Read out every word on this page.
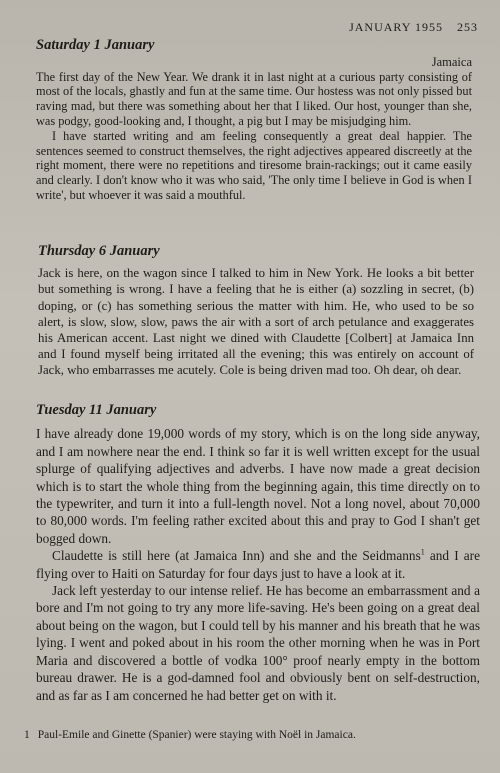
JANUARY 1955 253
Saturday 1 January
Jamaica

The first day of the New Year. We drank it in last night at a curious party consisting of most of the locals, ghastly and fun at the same time. Our hostess was not only pissed but raving mad, but there was something about her that I liked. Our host, younger than she, was podgy, good-looking and, I thought, a pig but I may be misjudging him.

I have started writing and am feeling consequently a great deal happier. The sentences seemed to construct themselves, the right adjectives appeared discreetly at the right moment, there were no repetitions and tiresome brain-rackings; out it came easily and clearly. I don't know who it was who said, 'The only time I believe in God is when I write', but whoever it was said a mouthful.

Thursday 6 January

Jack is here, on the wagon since I talked to him in New York. He looks a bit better but something is wrong. I have a feeling that he is either (a) sozzling in secret, (b) doping, or (c) has something serious the matter with him. He, who used to be so alert, is slow, slow, slow, paws the air with a sort of arch petulance and exaggerates his American accent. Last night we dined with Claudette [Colbert] at Jamaica Inn and I found myself being irritated all the evening; this was entirely on account of Jack, who embarrasses me acutely. Cole is being driven mad too. Oh dear, oh dear.

Tuesday 11 January

I have already done 19,000 words of my story, which is on the long side anyway, and I am nowhere near the end. I think so far it is well written except for the usual splurge of qualifying adjectives and adverbs. I have now made a great decision which is to start the whole thing from the beginning again, this time directly on to the typewriter, and turn it into a full-length novel. Not a long novel, about 70,000 to 80,000 words. I'm feeling rather excited about this and pray to God I shan't get bogged down.

Claudette is still here (at Jamaica Inn) and she and the Seidmanns$^1$ and I are flying over to Haiti on Saturday for four days just to have a look at it.

Jack left yesterday to our intense relief. He has become an embarrassment and a bore and I'm not going to try any more life-saving. He's been going on a great deal about being on the wagon, but I could tell by his manner and his breath that he was lying. I went and poked about in his room the other morning when he was in Port Maria and discovered a bottle of vodka 100° proof nearly empty in the bottom bureau drawer. He is a god-damned fool and obviously bent on self-destruction, and as far as I am concerned he had better get on with it.

1 Paul-Emile and Ginette (Spanier) were staying with Noël in Jamaica.
